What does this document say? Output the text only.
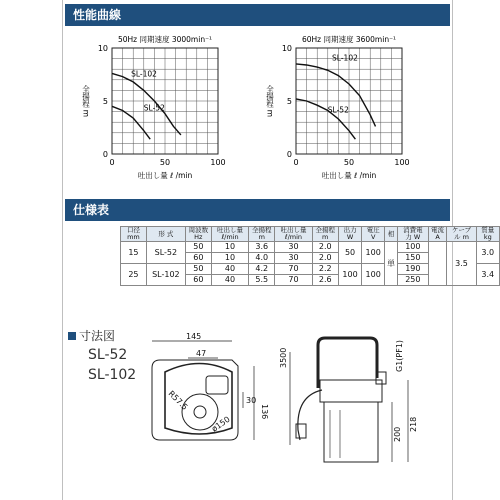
性能曲線
仕様表
0	50	100
0
5
10
50Hz 同期速度 3000min⁻¹
吐出し量 ℓ /min
全揚程 m
SL-102
SL-52
0	50	100
0
5
10
60Hz 同期速度 3600min⁻¹
吐出し量 ℓ /min
全揚程 m
SL-102
SL-52
口径 mm	形 式	周波数 Hz	吐出し量 ℓ/min	全揚程 m	吐出し量 ℓ/min	全揚程 m	出力 W	電圧 V	相	消費電力 W	電流 A	ケーブル m	質量 kg
15	SL-52	50	10	3.6	30	2.0	50	100	単	100		3.5	3.0
		60	10	4.0	30	2.0				150			
25	SL-102	50	40	4.2	70	2.2	100	100		190			3.4
		60	40	5.5	70	2.6				250			
寸法図
SL-52
SL-102
145
47
30
136
R57.5
ø150
3500	G1(PF1)
200
218
